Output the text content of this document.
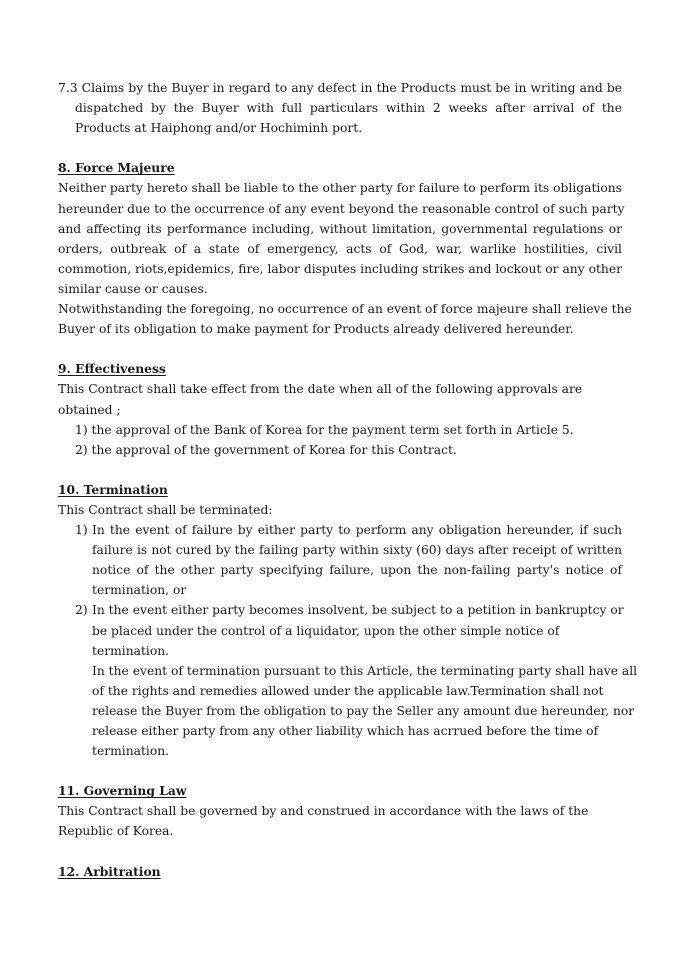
7.3 Claims by the Buyer in regard to any defect in the Products must be in writing and be
dispatched by the Buyer with full particulars within 2 weeks after arrival of the
Products at Haiphong and/or Hochiminh port.
8. Force Majeure
Neither party hereto shall be liable to the other party for failure to perform its obligations
hereunder due to the occurrence of any event beyond the reasonable control of such party
and affecting its performance including, without limitation, governmental regulations or
orders, outbreak of a state of emergency, acts of God, war, warlike hostilities, civil
commotion, riots,epidemics, fire, labor disputes including strikes and lockout or any other
similar cause or causes.
Notwithstanding the foregoing, no occurrence of an event of force majeure shall relieve the
Buyer of its obligation to make payment for Products already delivered hereunder.
9. Effectiveness
This Contract shall take effect from the date when all of the following approvals are
obtained ;
1) the approval of the Bank of Korea for the payment term set forth in Article 5.
2) the approval of the government of Korea for this Contract.
10. Termination
This Contract shall be terminated:
1) In the event of failure by either party to perform any obligation hereunder, if such
failure is not cured by the failing party within sixty (60) days after receipt of written
notice of the other party specifying failure, upon the non-failing party's notice of
termination, or
2) In the event either party becomes insolvent, be subject to a petition in bankruptcy or
be placed under the control of a liquidator, upon the other simple notice of
termination.
In the event of termination pursuant to this Article, the terminating party shall have all
of the rights and remedies allowed under the applicable law.Termination shall not
release the Buyer from the obligation to pay the Seller any amount due hereunder, nor
release either party from any other liability which has acrrued before the time of
termination.
11. Governing Law
This Contract shall be governed by and construed in accordance with the laws of the
Republic of Korea.
12. Arbitration
